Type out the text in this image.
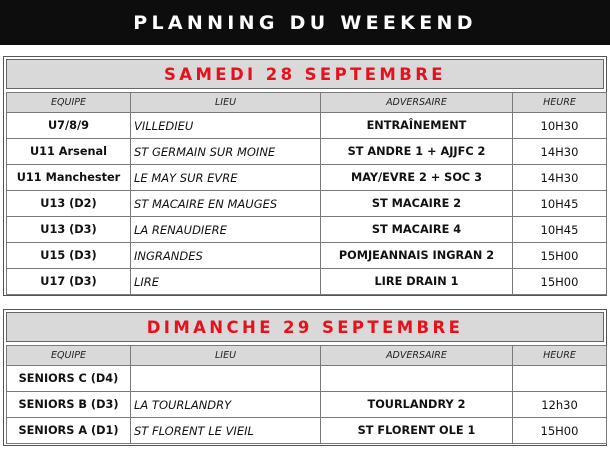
PLANNING DU WEEKEND
SAMEDI 28 SEPTEMBRE
EQUIPE	LIEU	ADVERSAIRE	HEURE
U7/8/9	VILLEDIEU	ENTRAÎNEMENT	10H30
U11 Arsenal	ST GERMAIN SUR MOINE	ST ANDRE 1 + AJJFC 2	14H30
U11 Manchester	LE MAY SUR EVRE	MAY/EVRE 2 + SOC 3	14H30
U13 (D2)	ST MACAIRE EN MAUGES	ST MACAIRE 2	10H45
U13 (D3)	LA RENAUDIERE	ST MACAIRE 4	10H45
U15 (D3)	INGRANDES	POMJEANNAIS INGRAN 2	15H00
U17 (D3)	LIRE	LIRE DRAIN 1	15H00
DIMANCHE 29 SEPTEMBRE
EQUIPE	LIEU	ADVERSAIRE	HEURE
SENIORS C (D4)			
SENIORS B (D3)	LA TOURLANDRY	TOURLANDRY 2	12h30
SENIORS A (D1)	ST FLORENT LE VIEIL	ST FLORENT OLE 1	15H00
